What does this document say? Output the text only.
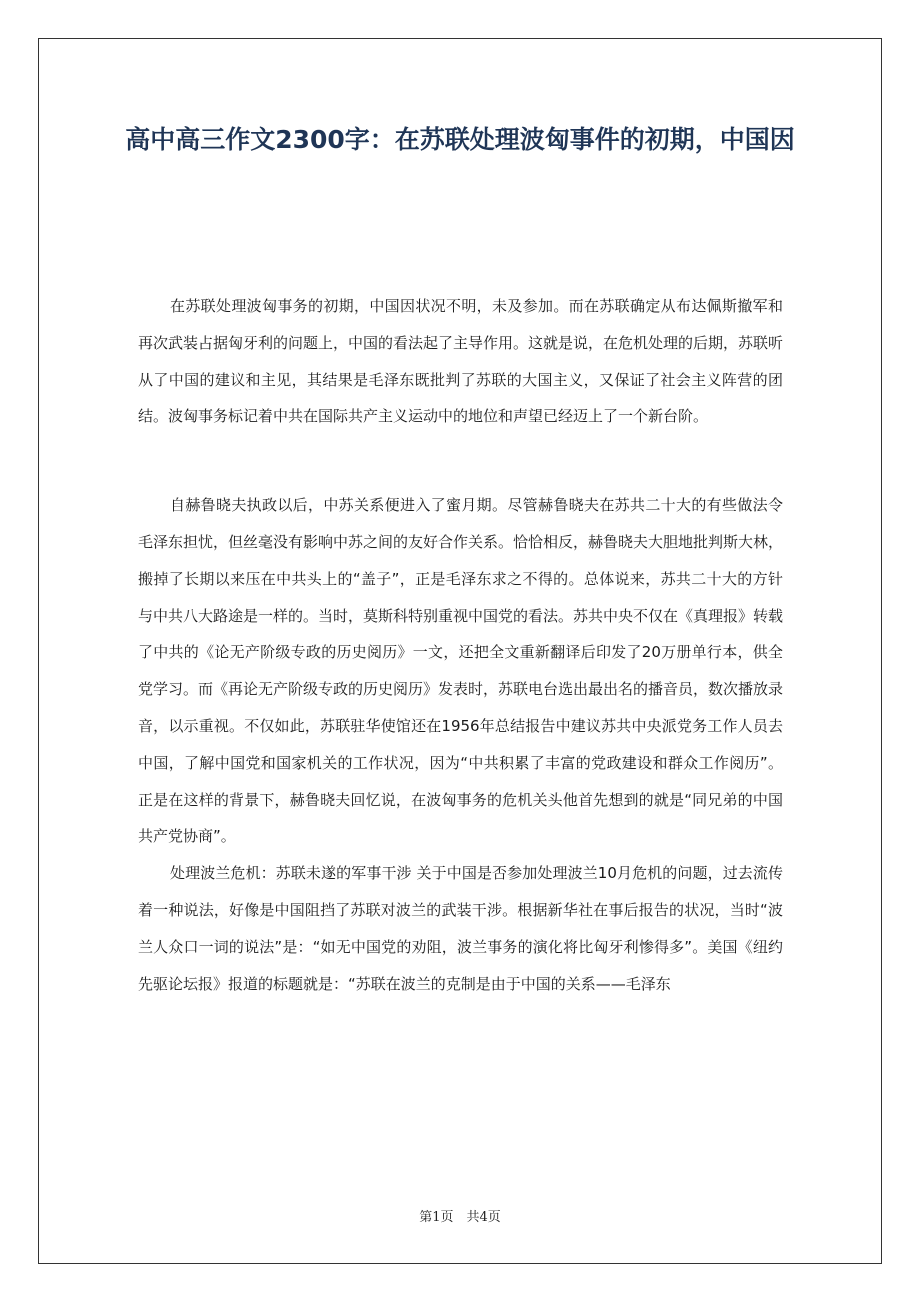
高中高三作文2300字：在苏联处理波匈事件的初期，中国因

在苏联处理波匈事务的初期，中国因状况不明，未及参加。而在苏联确定从布达佩斯撤军和再次武装占据匈牙利的问题上，中国的看法起了主导作用。这就是说，在危机处理的后期，苏联听从了中国的建议和主见，其结果是毛泽东既批判了苏联的大国主义，又保证了社会主义阵营的团结。波匈事务标记着中共在国际共产主义运动中的地位和声望已经迈上了一个新台阶。

自赫鲁晓夫执政以后，中苏关系便进入了蜜月期。尽管赫鲁晓夫在苏共二十大的有些做法令毛泽东担忧，但丝毫没有影响中苏之间的友好合作关系。恰恰相反，赫鲁晓夫大胆地批判斯大林，搬掉了长期以来压在中共头上的“盖子”，正是毛泽东求之不得的。总体说来，苏共二十大的方针与中共八大路途是一样的。当时，莫斯科特别重视中国党的看法。苏共中央不仅在《真理报》转载了中共的《论无产阶级专政的历史阅历》一文，还把全文重新翻译后印发了20万册单行本，供全党学习。而《再论无产阶级专政的历史阅历》发表时，苏联电台选出最出名的播音员，数次播放录音，以示重视。不仅如此，苏联驻华使馆还在1956年总结报告中建议苏共中央派党务工作人员去中国，了解中国党和国家机关的工作状况，因为“中共积累了丰富的党政建设和群众工作阅历”。正是在这样的背景下，赫鲁晓夫回忆说，在波匈事务的危机关头他首先想到的就是“同兄弟的中国共产党协商”。

处理波兰危机：苏联未遂的军事干涉 关于中国是否参加处理波兰10月危机的问题，过去流传着一种说法，好像是中国阻挡了苏联对波兰的武装干涉。根据新华社在事后报告的状况，当时“波兰人众口一词的说法”是：“如无中国党的劝阻，波兰事务的演化将比匈牙利惨得多”。美国《纽约先驱论坛报》报道的标题就是：“苏联在波兰的克制是由于中国的关系——毛泽东

第1页　共4页
